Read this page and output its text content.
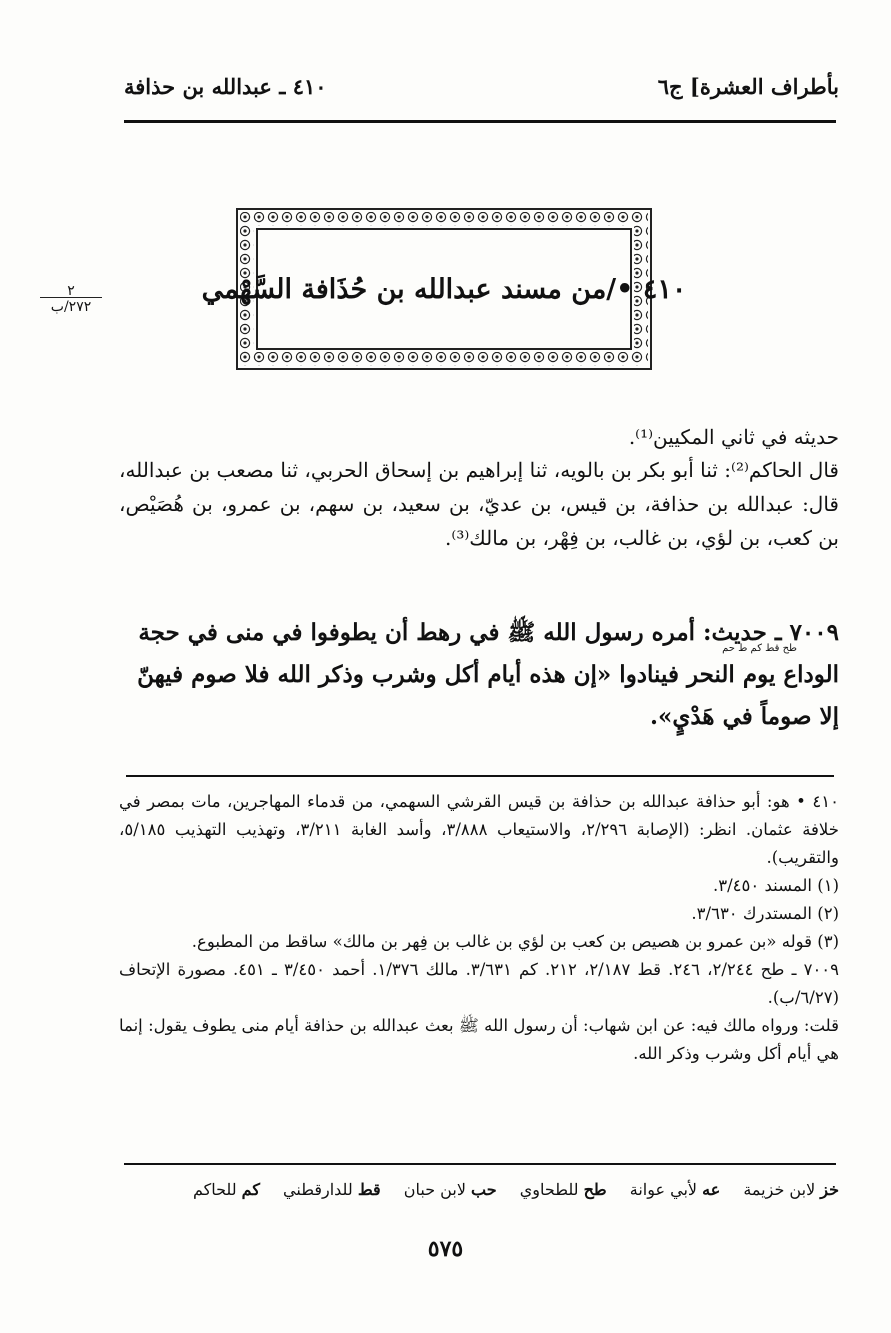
بأطراف العشرة] ج٦
٤١٠ ـ عبدالله بن حذافة
٢
٢٧٢/ب
٤١٠ •/من مسند عبدالله بن حُذَافة السَّهْمي
حديثه في ثاني المكيين⁽¹⁾.
قال الحاكم⁽²⁾: ثنا أبو بكر بن بالويه، ثنا إبراهيم بن إسحاق الحربي، ثنا مصعب بن عبدالله، قال: عبدالله بن حذافة، بن قيس، بن عديّ، بن سعيد، بن سهم، بن عمرو، بن هُصَيْص، بن كعب، بن لؤي، بن غالب، بن فِهْر، بن مالك⁽³⁾.
طح قط كم ط حم
٧٠٠٩ ـ حديث: أمره رسول الله ﷺ في رهط أن يطوفوا في منى في حجة الوداع يوم النحر فينادوا «إن هذه أيام أكل وشرب وذكر الله فلا صوم فيهنّ إلا صوماً في هَدْيٍ».
٤١٠ • هو: أبو حذافة عبدالله بن حذافة بن قيس القرشي السهمي، من قدماء المهاجرين، مات بمصر في خلافة عثمان. انظر: (الإصابة ٢/٢٩٦، والاستيعاب ٣/٨٨٨، وأسد الغابة ٣/٢١١، وتهذيب التهذيب ٥/١٨٥، والتقريب).
(١) المسند ٣/٤٥٠.
(٢) المستدرك ٣/٦٣٠.
(٣) قوله «بن عمرو بن هصيص بن كعب بن لؤي بن غالب بن فِهر بن مالك» ساقط من المطبوع.
٧٠٠٩ ـ طح ٢/٢٤٤، ٢٤٦. قط ٢/١٨٧، ٢١٢. كم ٣/٦٣١. مالك ١/٣٧٦. أحمد ٣/٤٥٠ ـ ٤٥١. مصورة الإتحاف (٦/٢٧/ب).
قلت: ورواه مالك فيه: عن ابن شهاب: أن رسول الله ﷺ بعث عبدالله بن حذافة أيام منى يطوف يقول: إنما هي أيام أكل وشرب وذكر الله.
خز لابن خزيمة عه لأبي عوانة طح للطحاوي حب لابن حبان قط للدارقطني كم للحاكم
٥٧٥
